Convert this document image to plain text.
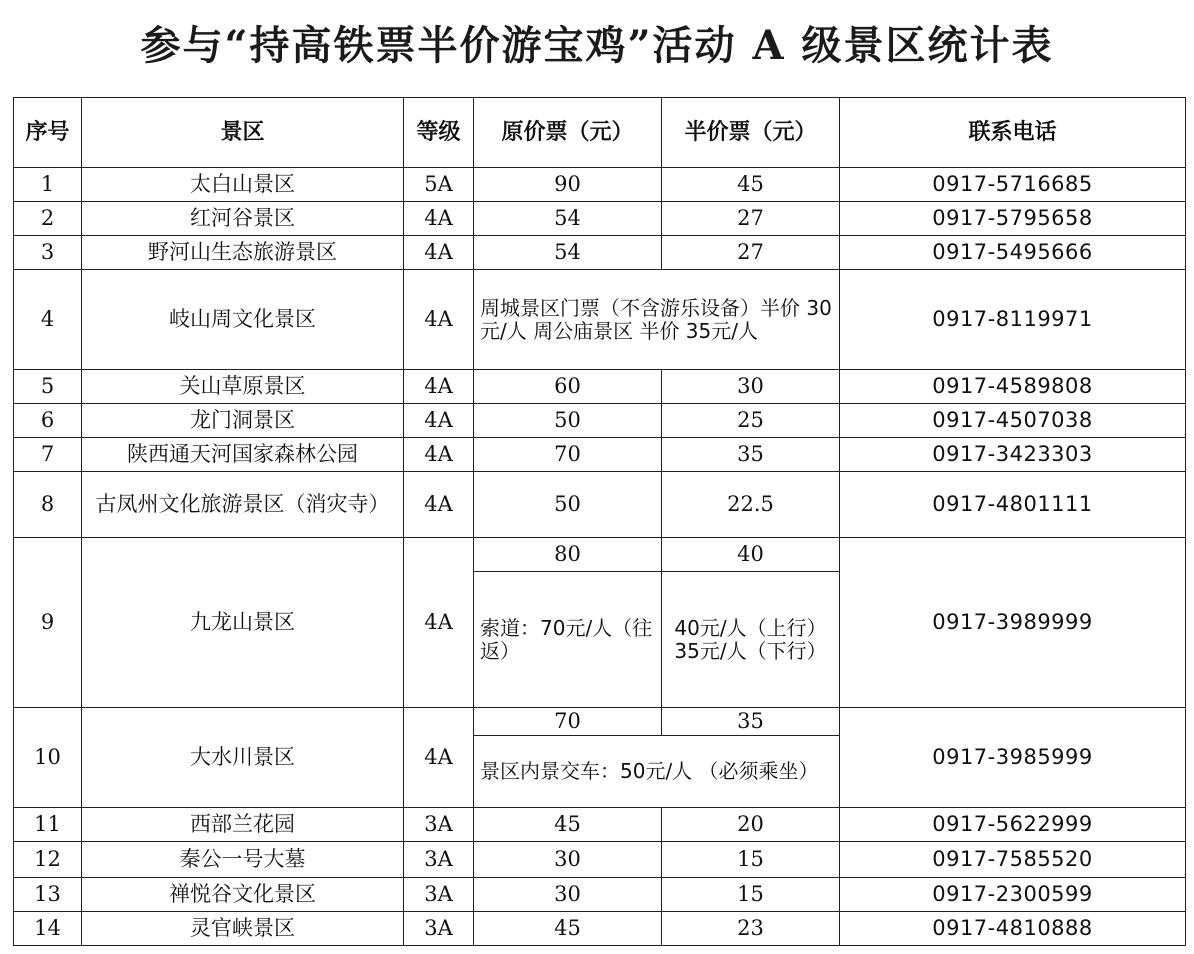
参与“持高铁票半价游宝鸡”活动 A 级景区统计表
序号	景区	等级	原价票（元）	半价票（元）	联系电话
1	太白山景区	5A	90	45	0917-5716685
2	红河谷景区	4A	54	27	0917-5795658
3	野河山生态旅游景区	4A	54	27	0917-5495666
4	岐山周文化景区	4A	周城景区门票（不含游乐设备）半价 30 元/人 周公庙景区 半价 35元/人		0917-8119971
5	关山草原景区	4A	60	30	0917-4589808
6	龙门洞景区	4A	50	25	0917-4507038
7	陕西通天河国家森林公园	4A	70	35	0917-3423303
8	古凤州文化旅游景区（消灾寺）	4A	50	22.5	0917-4801111
9	九龙山景区	4A	80	40	0917-3989999
			索道：70元/人（往返）	40元/人（上行） 35元/人（下行）	
10	大水川景区	4A	70	35	0917-3985999
			景区内景交车：50元/人 （必须乘坐）		
11	西部兰花园	3A	45	20	0917-5622999
12	秦公一号大墓	3A	30	15	0917-7585520
13	禅悦谷文化景区	3A	30	15	0917-2300599
14	灵官峡景区	3A	45	23	0917-4810888
